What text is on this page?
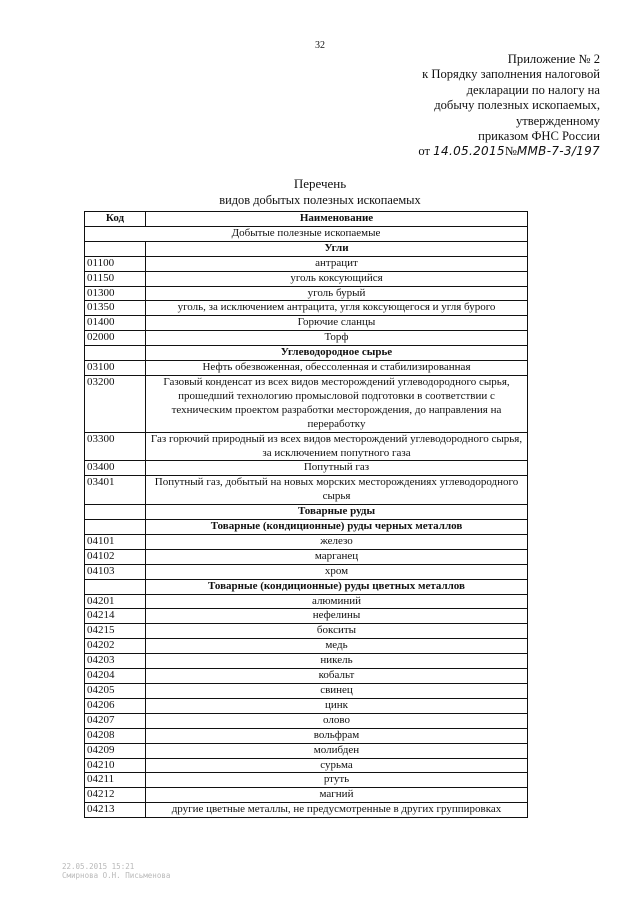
32
Приложение № 2
к Порядку заполнения налоговой
декларации по налогу на
добычу полезных ископаемых,
утвержденному
приказом ФНС России
от 14.05.2015№ММВ-7-3/197
Перечень
видов добытых полезных ископаемых
Код	Наименование
Добытые полезные ископаемые	
	Угли
01100	антрацит
01150	уголь коксующийся
01300	уголь бурый
01350	уголь, за исключением антрацита, угля коксующегося и угля бурого
01400	Горючие сланцы
02000	Торф
	Углеводородное сырье
03100	Нефть обезвоженная, обессоленная и стабилизированная
03200	Газовый конденсат из всех видов месторождений углеводородного сырья, прошедший технологию промысловой подготовки в соответствии с техническим проектом разработки месторождения, до направления на переработку
03300	Газ горючий природный из всех видов месторождений углеводородного сырья, за исключением попутного газа
03400	Попутный газ
03401	Попутный газ, добытый на новых морских месторождениях углеводородного сырья
	Товарные руды
	Товарные (кондиционные) руды черных металлов
04101	железо
04102	марганец
04103	хром
	Товарные (кондиционные) руды цветных металлов
04201	алюминий
04214	нефелины
04215	бокситы
04202	медь
04203	никель
04204	кобальт
04205	свинец
04206	цинк
04207	олово
04208	вольфрам
04209	молибден
04210	сурьма
04211	ртуть
04212	магний
04213	другие цветные металлы, не предусмотренные в других группировках
22.05.2015 15:21
Смирнова О.Н. Письменова
